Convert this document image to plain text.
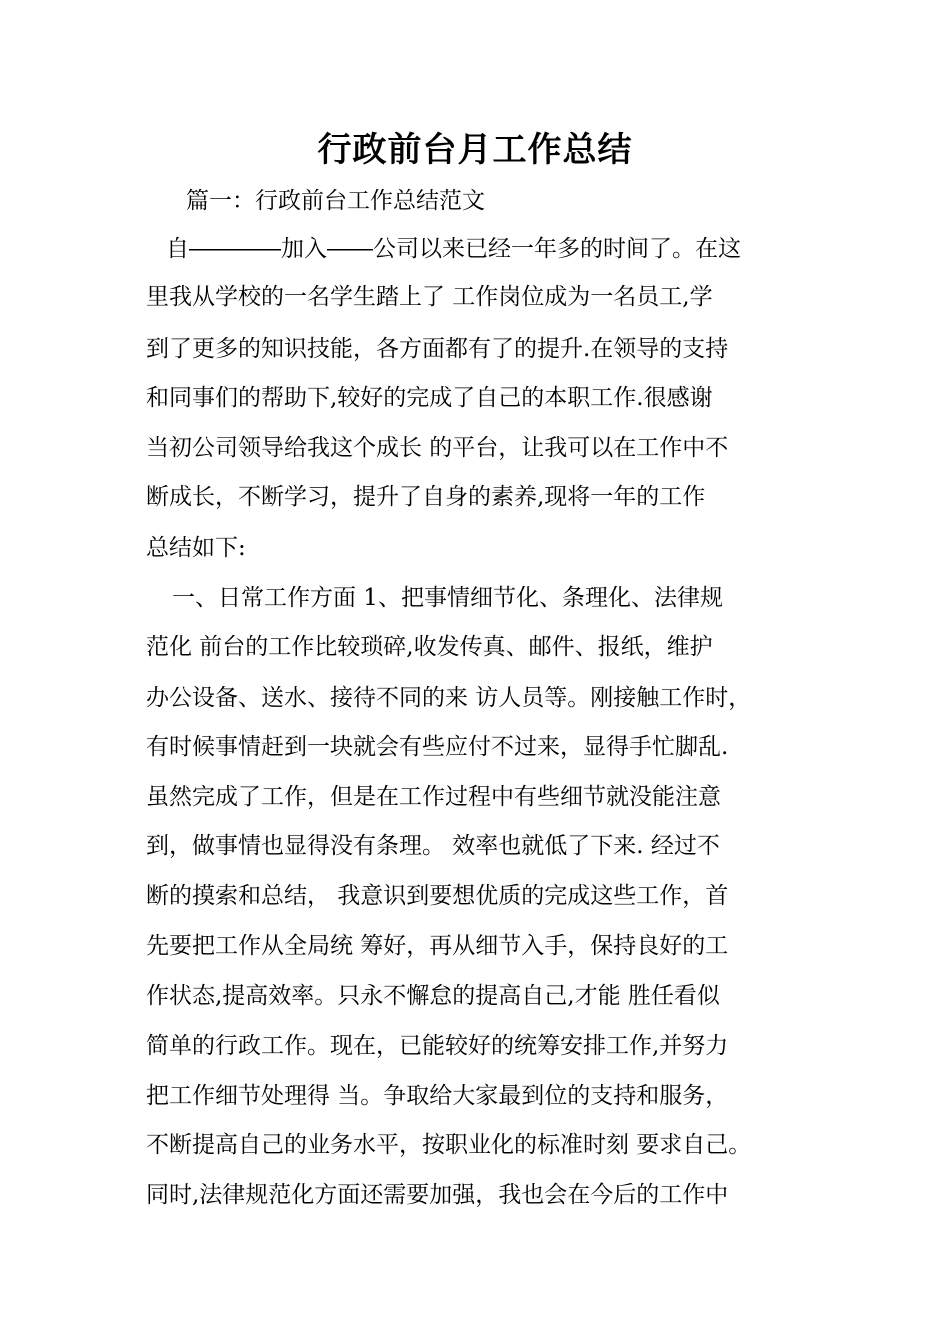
行政前台月工作总结
篇一：行政前台工作总结范文
自――――加入――公司以来已经一年多的时间了。在这
里我从学校的一名学生踏上了 工作岗位成为一名员工,学
到了更多的知识技能，各方面都有了的提升.在领导的支持
和同事们的帮助下,较好的完成了自己的本职工作.很感谢
当初公司领导给我这个成长 的平台，让我可以在工作中不
断成长，不断学习，提升了自身的素养,现将一年的工作
总结如下:
一、日常工作方面 1、把事情细节化、条理化、法律规
范化 前台的工作比较琐碎,收发传真、邮件、报纸，维护
办公设备、送水、接待不同的来 访人员等。刚接触工作时，
有时候事情赶到一块就会有些应付不过来，显得手忙脚乱.
虽然完成了工作，但是在工作过程中有些细节就没能注意
到，做事情也显得没有条理。 效率也就低了下来. 经过不
断的摸索和总结， 我意识到要想优质的完成这些工作，首
先要把工作从全局统 筹好，再从细节入手，保持良好的工
作状态,提高效率。只永不懈怠的提高自己,才能 胜任看似
简单的行政工作。现在，已能较好的统筹安排工作,并努力
把工作细节处理得 当。争取给大家最到位的支持和服务，
不断提高自己的业务水平，按职业化的标准时刻 要求自己。
同时,法律规范化方面还需要加强，我也会在今后的工作中
